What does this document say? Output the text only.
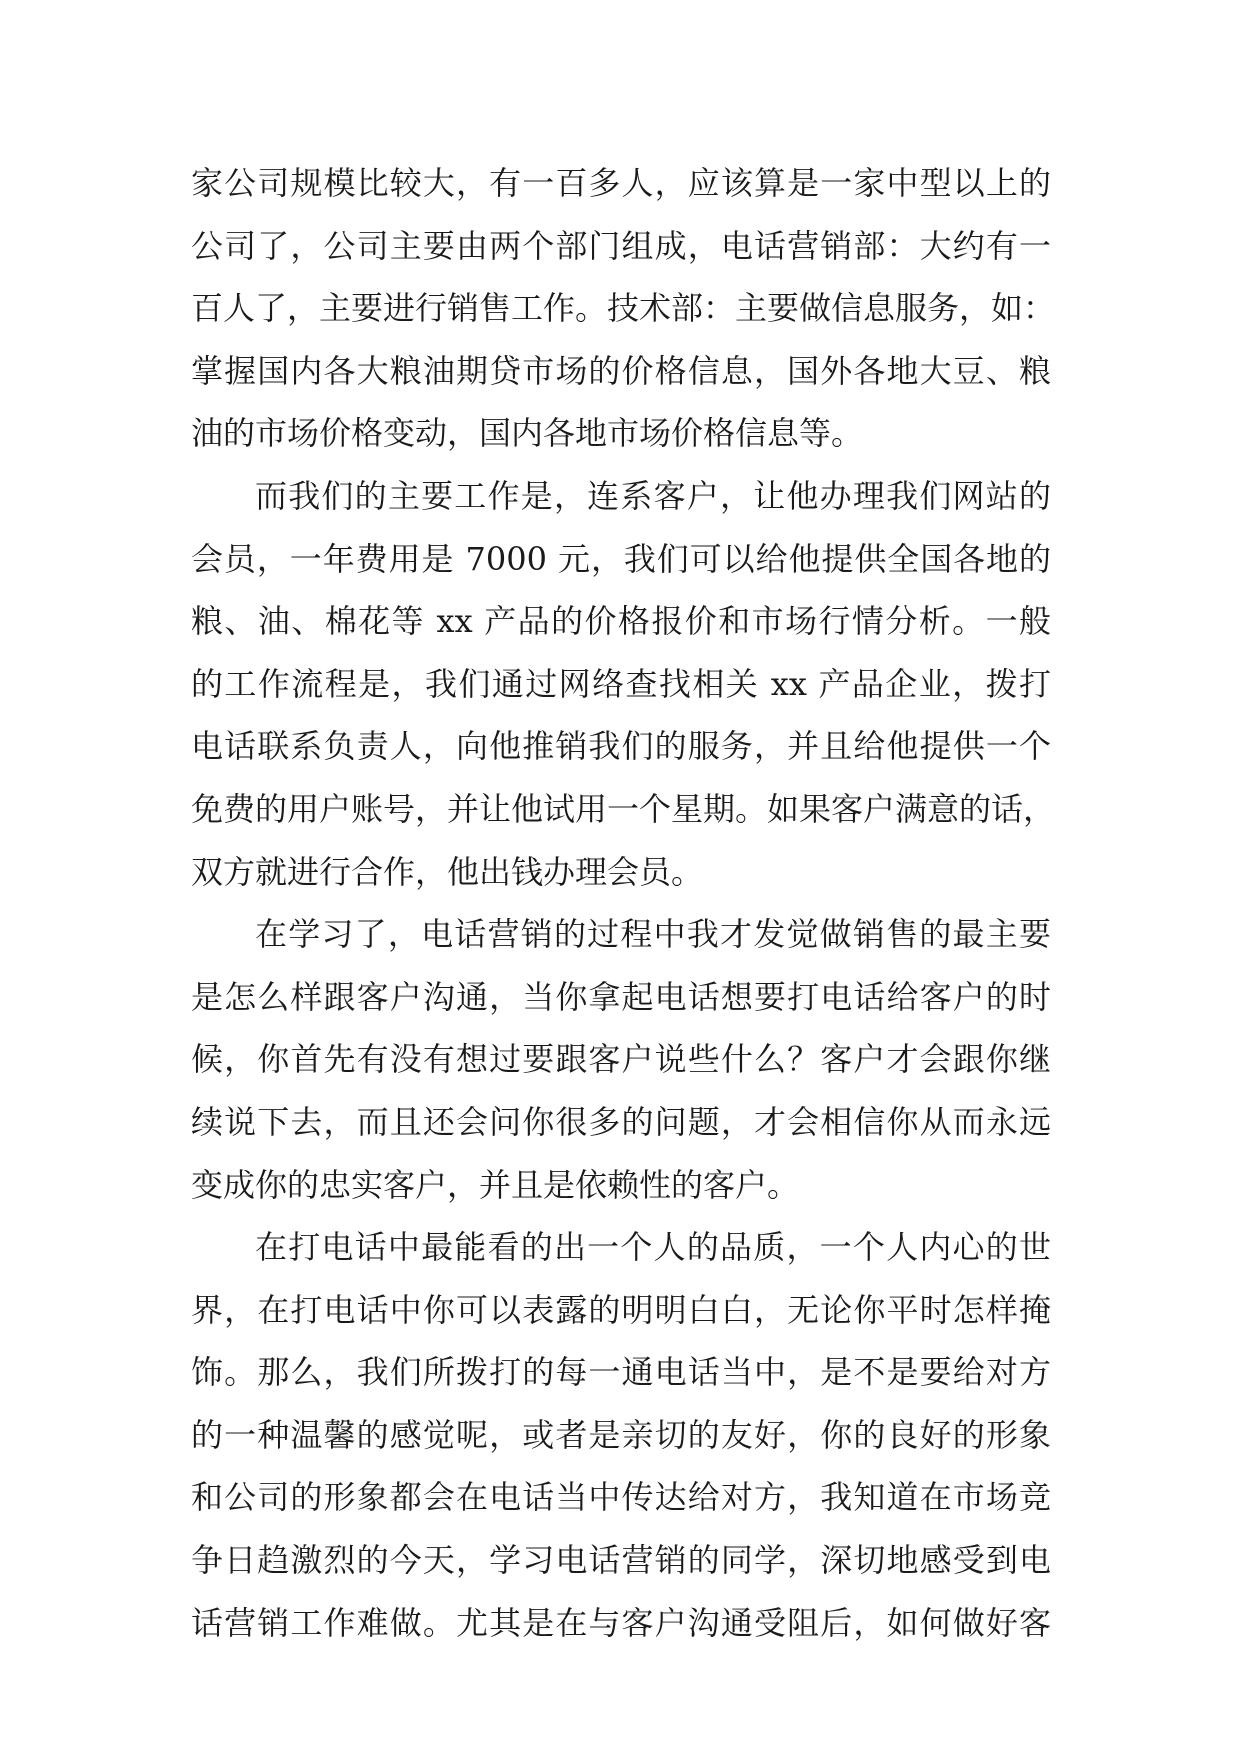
家公司规模比较大，有一百多人，应该算是一家中型以上的
公司了，公司主要由两个部门组成，电话营销部：大约有一
百人了，主要进行销售工作。技术部：主要做信息服务，如：
掌握国内各大粮油期贷市场的价格信息，国外各地大豆、粮
油的市场价格变动，国内各地市场价格信息等。
而我们的主要工作是，连系客户，让他办理我们网站的
会员，一年费用是 7000 元，我们可以给他提供全国各地的
粮、油、棉花等 xx 产品的价格报价和市场行情分析。一般
的工作流程是，我们通过网络查找相关 xx 产品企业，拨打
电话联系负责人，向他推销我们的服务，并且给他提供一个
免费的用户账号，并让他试用一个星期。如果客户满意的话，
双方就进行合作，他出钱办理会员。
在学习了，电话营销的过程中我才发觉做销售的最主要
是怎么样跟客户沟通，当你拿起电话想要打电话给客户的时
候，你首先有没有想过要跟客户说些什么？客户才会跟你继
续说下去，而且还会问你很多的问题，才会相信你从而永远
变成你的忠实客户，并且是依赖性的客户。
在打电话中最能看的出一个人的品质，一个人内心的世
界，在打电话中你可以表露的明明白白，无论你平时怎样掩
饰。那么，我们所拨打的每一通电话当中，是不是要给对方
的一种温馨的感觉呢，或者是亲切的友好，你的良好的形象
和公司的形象都会在电话当中传达给对方，我知道在市场竞
争日趋激烈的今天，学习电话营销的同学，深切地感受到电
话营销工作难做。尤其是在与客户沟通受阻后，如何做好客
